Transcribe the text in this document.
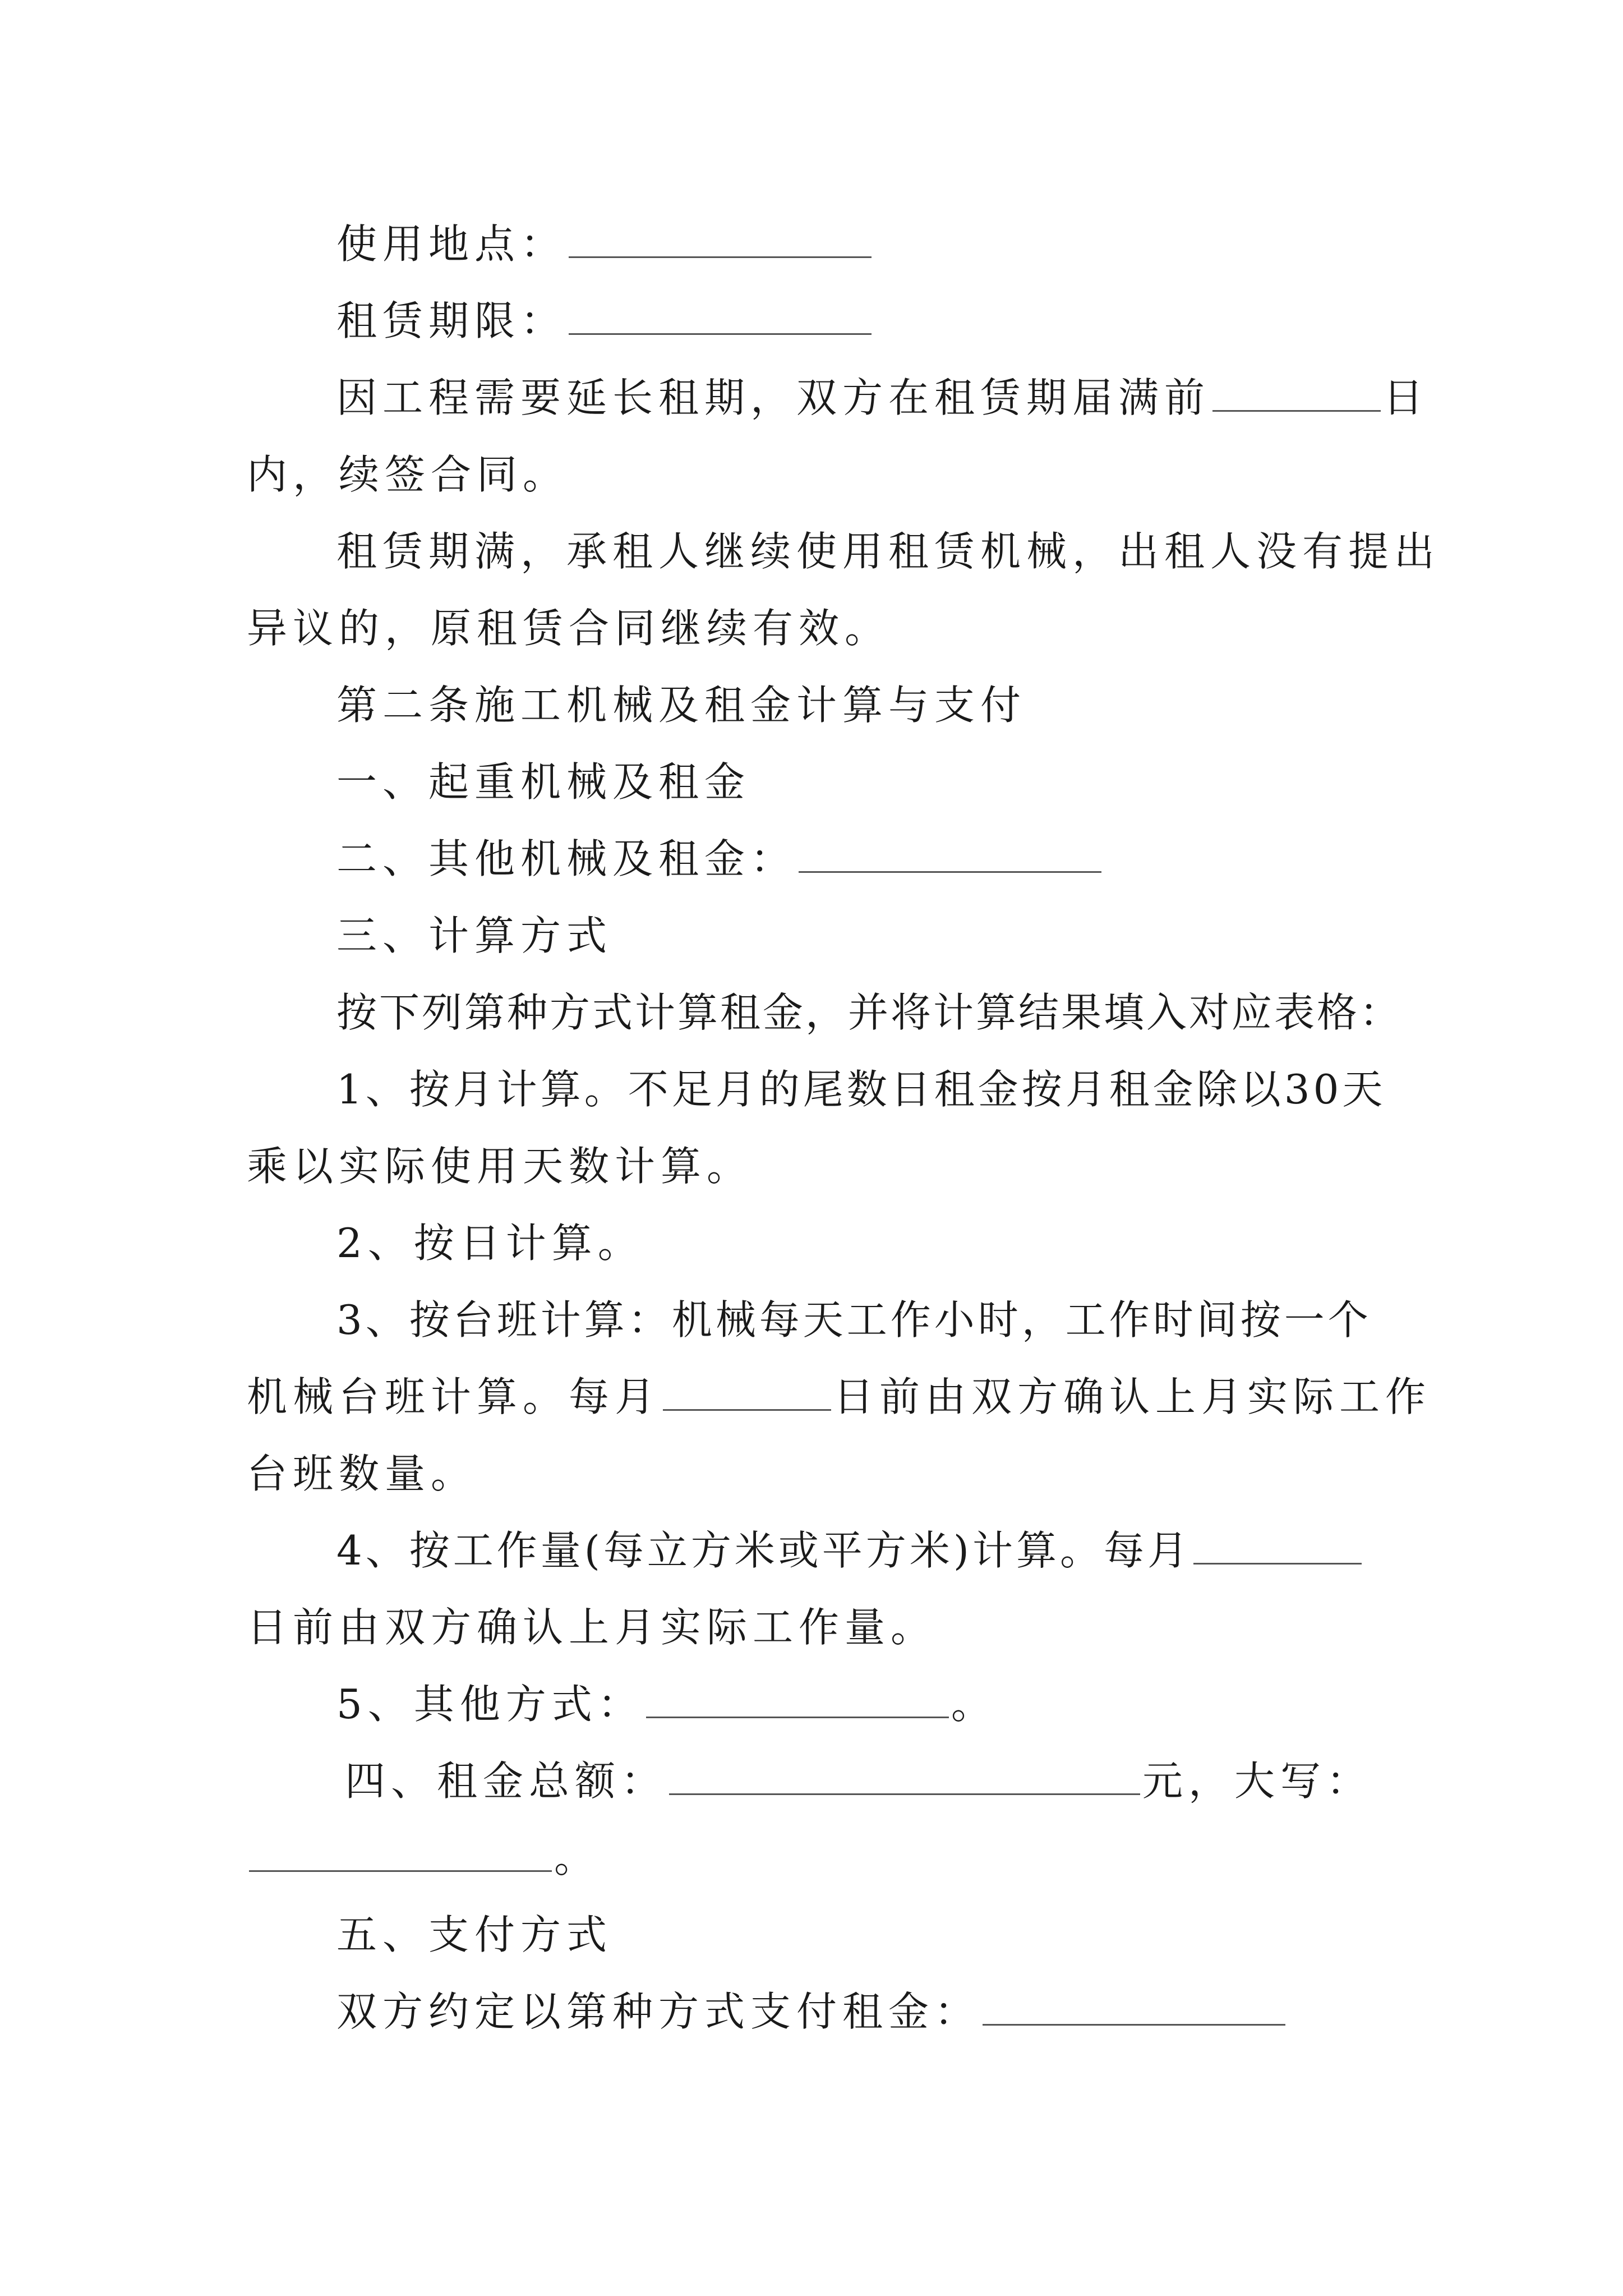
使用地点：
租赁期限：
因工程需要延长租期，双方在租赁期届满前	日
内，续签合同。
租赁期满，承租人继续使用租赁机械，出租人没有提出
异议的，原租赁合同继续有效。
第二条施工机械及租金计算与支付
一、起重机械及租金
二、其他机械及租金：
三、计算方式
按下列第种方式计算租金，并将计算结果填入对应表格：
1、按月计算。不足月的尾数日租金按月租金除以30天
乘以实际使用天数计算。
2、按日计算。
3、按台班计算：机械每天工作小时，工作时间按一个
机械台班计算。每月	日前由双方确认上月实际工作
台班数量。
4、按工作量(每立方米或平方米)计算。每月
日前由双方确认上月实际工作量。
5、其他方式：	。
四、租金总额：	元，大写：
。
五、支付方式
双方约定以第种方式支付租金：
